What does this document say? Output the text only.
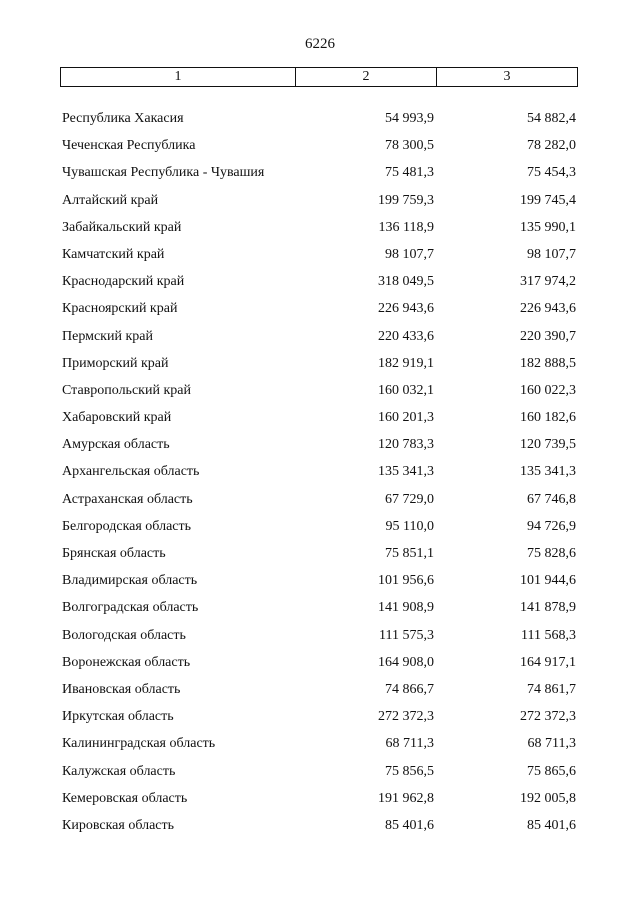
6226
1	2	3
Республика Хакасия	54 993,9	54 882,4
Чеченская Республика	78 300,5	78 282,0
Чувашская Республика - Чувашия	75 481,3	75 454,3
Алтайский край	199 759,3	199 745,4
Забайкальский край	136 118,9	135 990,1
Камчатский край	98 107,7	98 107,7
Краснодарский край	318 049,5	317 974,2
Красноярский край	226 943,6	226 943,6
Пермский край	220 433,6	220 390,7
Приморский край	182 919,1	182 888,5
Ставропольский край	160 032,1	160 022,3
Хабаровский край	160 201,3	160 182,6
Амурская область	120 783,3	120 739,5
Архангельская область	135 341,3	135 341,3
Астраханская область	67 729,0	67 746,8
Белгородская область	95 110,0	94 726,9
Брянская область	75 851,1	75 828,6
Владимирская область	101 956,6	101 944,6
Волгоградская область	141 908,9	141 878,9
Вологодская область	111 575,3	111 568,3
Воронежская область	164 908,0	164 917,1
Ивановская область	74 866,7	74 861,7
Иркутская область	272 372,3	272 372,3
Калининградская область	68 711,3	68 711,3
Калужская область	75 856,5	75 865,6
Кемеровская область	191 962,8	192 005,8
Кировская область	85 401,6	85 401,6
